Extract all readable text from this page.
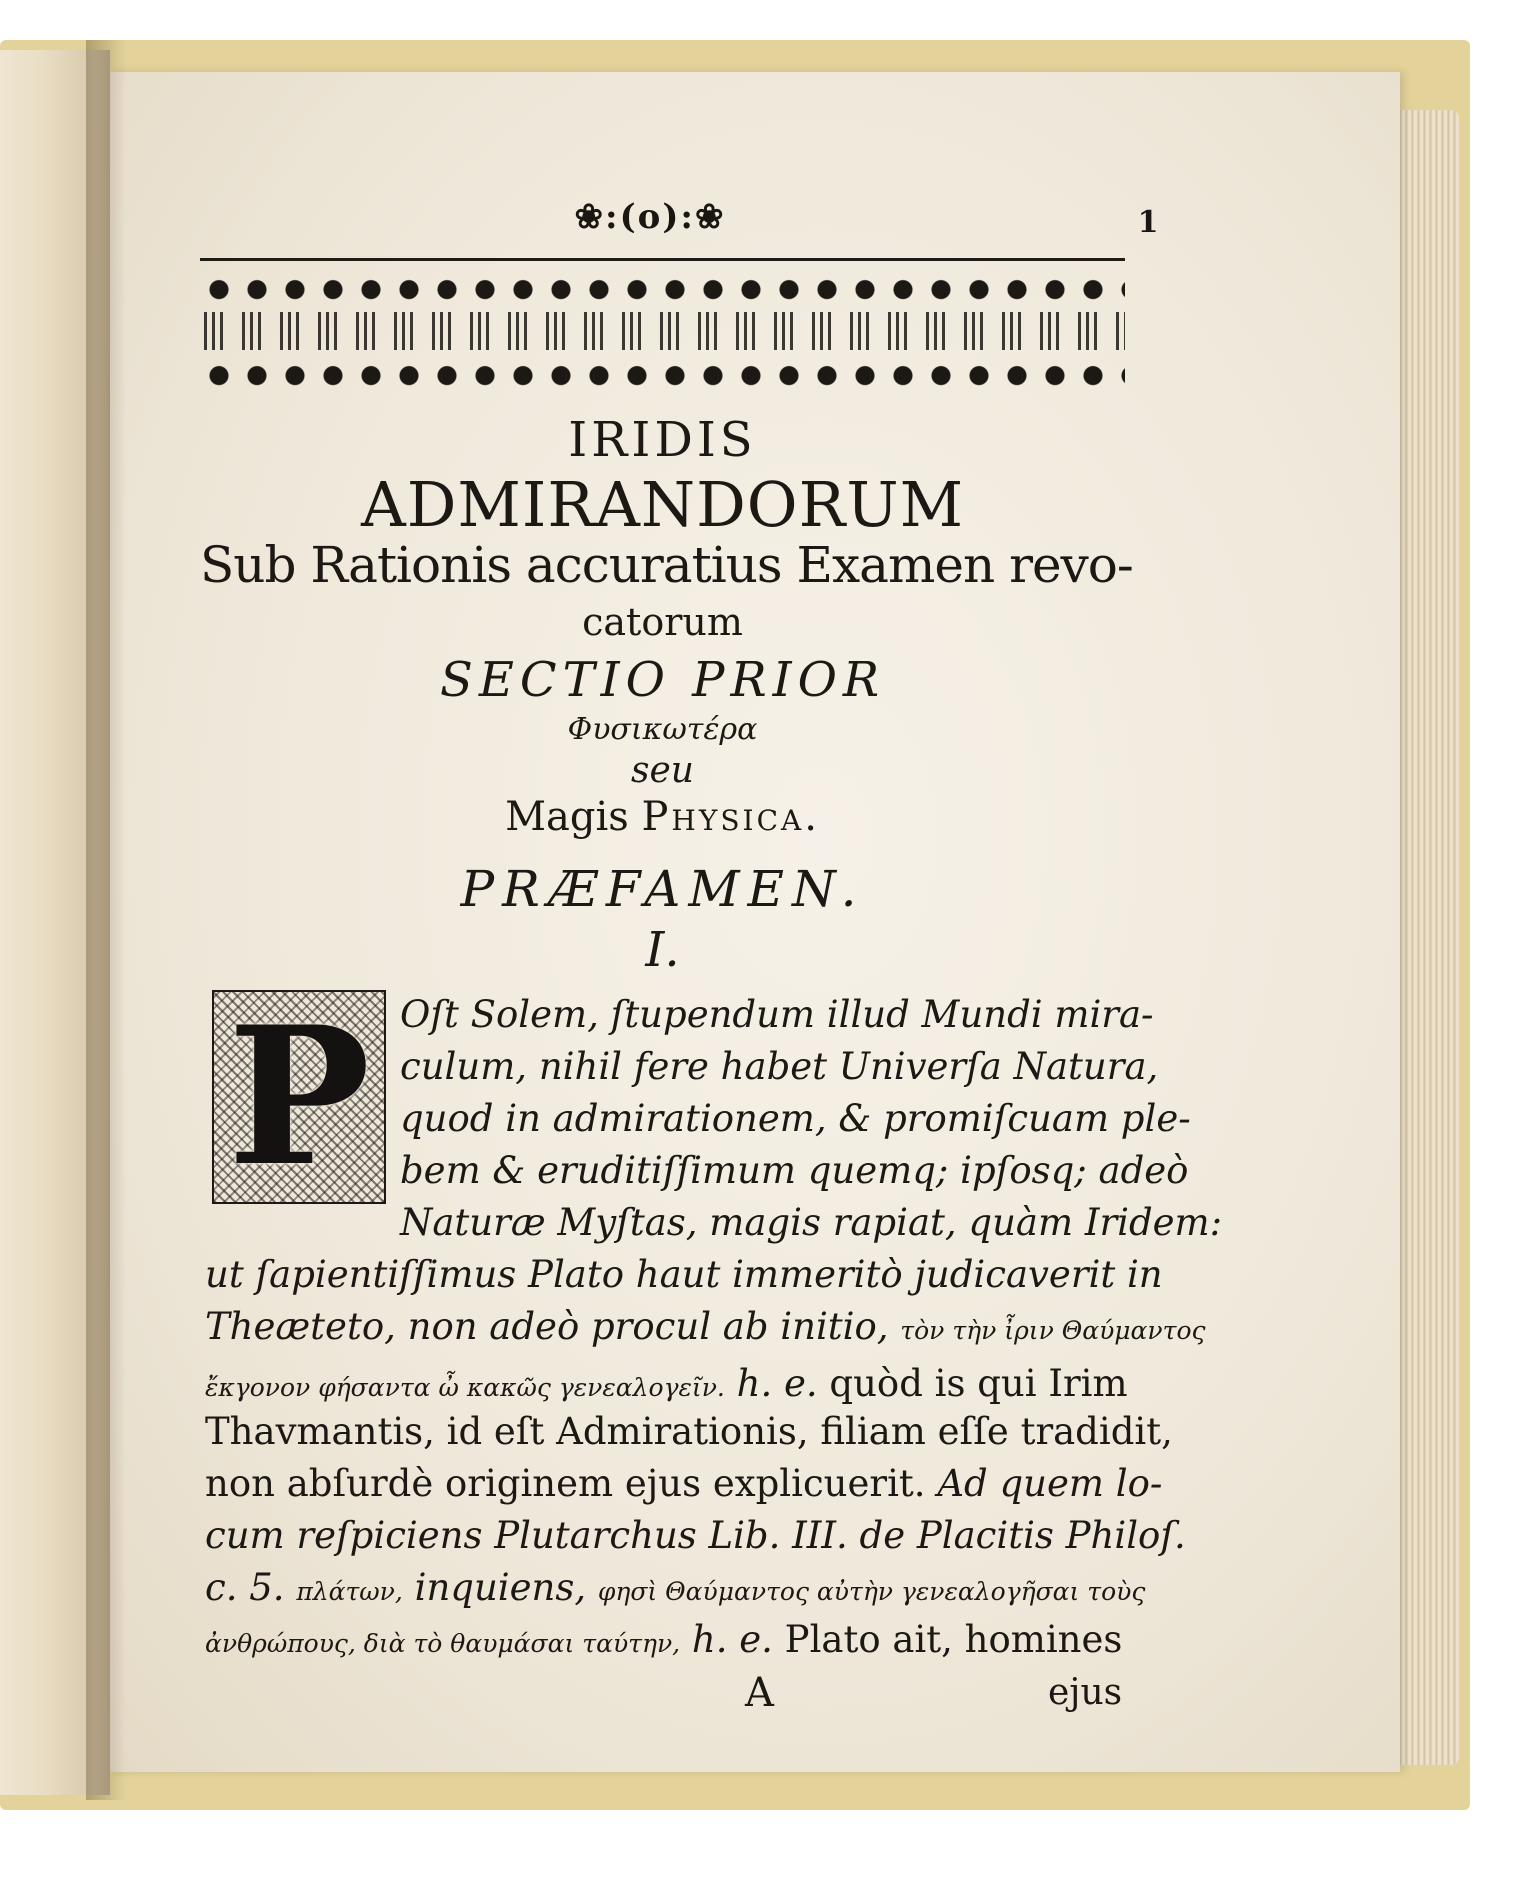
❀:(o):❀	1
IRIDIS
ADMIRANDORUM
Sub Rationis accuratius Examen revo-
catorum
SECTIO PRIOR
Φυσικωτέρα
seu
Magis Physica.
PRÆFAMEN.
I.
P Oſt Solem, ſtupendum illud Mundi mira-
culum, nihil fere habet Univerſa Natura,
quod in admirationem, & promiſcuam ple-
bem & eruditiſſimum quemq; ipſosq; adeò
Naturæ Myſtas, magis rapiat, quàm Iridem:
ut ſapientiſſimus Plato haut immeritò judicaverit in
Theæteto, non adeò procul ab initio, τὸν τὴν ἶριν Θαύμαντος
ἔκγονον φήσαντα ὦ κακῶς γενεαλογεῖν. h. e. quòd is qui Irim
Thavmantis, id eſt Admirationis, filiam eſſe tradidit,
non abſurdè originem ejus explicuerit. Ad quem lo-
cum reſpiciens Plutarchus Lib. III. de Placitis Philoſ.
c. 5. πλάτων, inquiens, φησὶ Θαύμαντος αὐτὴν γενεαλογῆσαι τοὺς
ἀνθρώπους, διὰ τὸ θαυμάσαι ταύτην, h. e. Plato ait, homines
A	ejus
